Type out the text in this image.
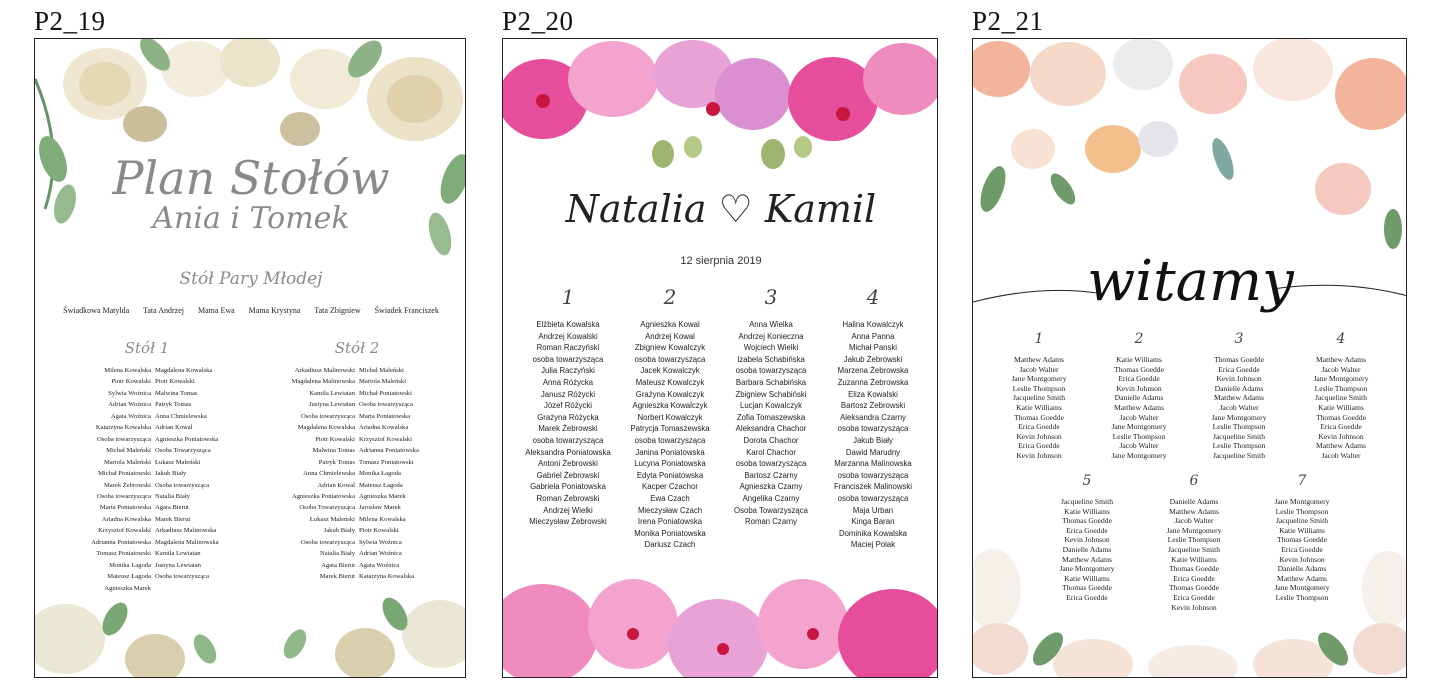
P2_19
Plan Stołów
Ania i Tomek
Stół Pary Młodej
Świadkowa Matylda Tata Andrzej Mama Ewa Mama Krystyna Tata Zbigniew Świadek Franciszek
Stół 1	Stół 2
Milena Kowalska
Piotr Kowalski
Sylwia Woźnica
Adrian Woźnica
Agata Woźnica
Katarzyna Kowalska
Osoba towarzysząca
Michał Maleński
Mariola Maleński
Michał Poniatowski
Marek Żebrowski
Osoba towarzysząca
Marta Poniatowska
Ariadna Kowalska
Krzysztof Kowalski
Adrianna Poniatowska
Tomasz Poniatowski
Monika Łagoda
Mateusz Łagoda
Agnieszka Marek
Magdalena Kowalska
Piotr Kowalski
Malwina Tomas
Patryk Tomas
Anna Chmielewska
Adrian Kowal
Agnieszka Poniatowska
Osoba Towarzysząca
Łukasz Maleński
Jakub Biały
Osoba towarzysząca
Natalia Biały
Agata Bierut
Marek Bierut
Arkadiusz Malinowska
Magdalena Malinowska
Kamila Lewiatan
Justyna Lewiatan
Osoba towarzysząca
Arkadiusz Malinowski
Magdalena Malinowska
Kamila Lewiatan
Justyna Lewiatan
Osoba towarzysząca
Magdalena Kowalska
Piotr Kowalski
Malwina Tomas
Patryk Tomas
Anna Chmielewska
Adrian Kowal
Agnieszka Poniatowska
Osoba Towarzysząca
Łukasz Maleński
Jakub Biały
Osoba towarzysząca
Natalia Biały
Agata Bierut
Marek Bierut
Michał Maleński
Mariola Maleński
Michał Poniatowski
Osoba towarzysząca
Marta Poniatowska
Ariadna Kowalska
Krzysztof Kowalski
Adrianna Poniatowska
Tomasz Poniatowski
Monika Łagoda
Mateusz Łagoda
Agnieszka Marek
Jarosław Marek
Milena Kowalska
Piotr Kowalski
Sylwia Woźnica
Adrian Woźnica
Agata Woźnica
Katarzyna Kowalska
P2_20
Natalia ♡ Kamil
12 sierpnia 2019
1
Elżbieta Kowalska
Andrzej Kowalski
Roman Raczyński
osoba towarzysząca
Julia Raczyński
Anna Różycka
Janusz Różycki
Józef Różycki
Grażyna Różycka
Marek Żebrowski
osoba towarzysząca
Aleksandra Poniatowska
Antoni Żebrowski
Gabriel Żebrowski
Gabriela Poniatowska
Roman Żebrowski
Andrzej Wielki
Mieczysław Żebrowski
2
Agnieszka Kowal
Andrzej Kowal
Zbigniew Kowalczyk
osoba towarzysząca
Jacek Kowalczyk
Mateusz Kowalczyk
Grażyna Kowalczyk
Agnieszka Kowalczyk
Norbert Kowalczyk
Patrycja Tomaszewska
osoba towarzysząca
Janina Poniatowska
Lucyna Poniatowska
Edyta Poniatowska
Kacper Czachor
Ewa Czach
Mieczysław Czach
Irena Poniatowska
Monika Poniatowska
Dariusz Czach
3
Anna Wielka
Andrzej Konieczna
Wojciech Wielki
Izabela Schabińska
osoba towarzysząca
Barbara Schabińska
Zbigniew Schabiński
Lucjan Kowalczyk
Zofia Tomaszewska
Aleksandra Chachor
Dorota Chachor
Karol Chachor
osoba towarzysząca
Bartosz Czarny
Agnieszka Czarny
Angelika Czarny
Osoba Towarzysząca
Roman Czarny
4
Halina Kowalczyk
Anna Panna
Michał Panski
Jakub Żebrowski
Marzena Żebrowska
Zuzanna Żebrowska
Eliza Kowalski
Bartosz Żebrowski
Aleksandra Czarny
osoba towarzysząca
Jakub Biały
Dawid Marudny
Marzanna Malinowska
osoba towarzysząca
Franciszek Malinowski
osoba towarzysząca
Maja Urban
Kinga Baran
Dominika Kowalska
Maciej Polak
P2_21
witamy
1
Matthew Adams
Jacob Walter
Jane Montgomery
Leslie Thompson
Jacqueline Smith
Katie Williams
Thomas Goedde
Erica Goedde
Kevin Johnson
Erica Goedde
Kevin Johnson
2
Katie Williams
Thomas Goedde
Erica Goedde
Kevin Johnson
Danielle Adams
Matthew Adams
Jacob Walter
Jane Montgomery
Leslie Thompson
Jacob Walter
Jane Montgomery
3
Thomas Goedde
Erica Goedde
Kevin Johnson
Danielle Adams
Matthew Adams
Jacob Walter
Jane Montgomery
Leslie Thompson
Jacqueline Smith
Leslie Thompson
Jacqueline Smith
4
Matthew Adams
Jacob Walter
Jane Montgomery
Leslie Thompson
Jacqueline Smith
Katie Williams
Thomas Goedde
Erica Goedde
Kevin Johnson
Matthew Adams
Jacob Walter
5
Jacqueline Smith
Katie Williams
Thomas Goedde
Erica Goedde
Kevin Johnson
Danielle Adams
Matthew Adams
Jane Montgomery
Katie Williams
Thomas Goedde
Erica Goedde
6
Danielle Adams
Matthew Adams
Jacob Walter
Jane Montgomery
Leslie Thompson
Jacqueline Smith
Katie Williams
Thomas Goedde
Erica Goedde
Thomas Goedde
Erica Goedde
Kevin Johnson
7
Jane Montgomery
Leslie Thompson
Jacqueline Smith
Katie Williams
Thomas Goedde
Erica Goedde
Kevin Johnson
Danielle Adams
Matthew Adams
Jane Montgomery
Leslie Thompson
